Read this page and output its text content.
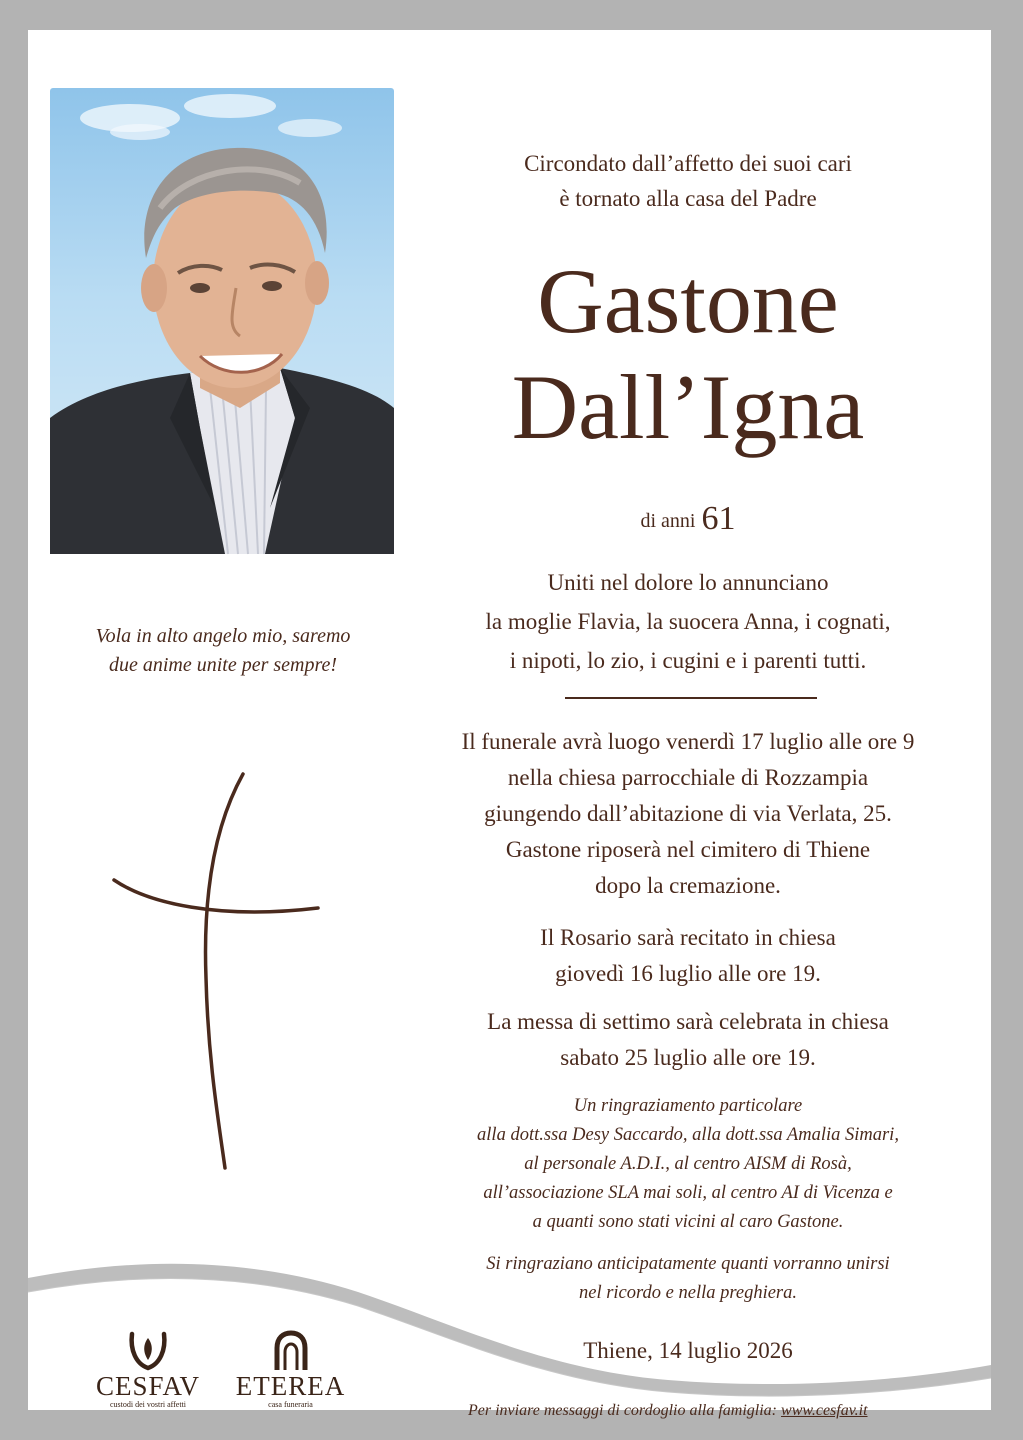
Vola in alto angelo mio, saremo
due anime unite per sempre!
Circondato dall’affetto dei suoi cari
è tornato alla casa del Padre
Gastone
Dall’Igna
di anni 61
Uniti nel dolore lo annunciano
la moglie Flavia, la suocera Anna, i cognati,
i nipoti, lo zio, i cugini e i parenti tutti.
Il funerale avrà luogo venerdì 17 luglio alle ore 9
nella chiesa parrocchiale di Rozzampia
giungendo dall’abitazione di via Verlata, 25.
Gastone riposerà nel cimitero di Thiene
dopo la cremazione.
Il Rosario sarà recitato in chiesa
giovedì 16 luglio alle ore 19.
La messa di settimo sarà celebrata in chiesa
sabato 25 luglio alle ore 19.
Un ringraziamento particolare
alla dott.ssa Desy Saccardo, alla dott.ssa Amalia Simari,
al personale A.D.I., al centro AISM di Rosà,
all’associazione SLA mai soli, al centro AI di Vicenza e
a quanti sono stati vicini al caro Gastone.
Si ringraziano anticipatamente quanti vorranno unirsi
nel ricordo e nella preghiera.
Thiene, 14 luglio 2026
CESFAV
custodi dei vostri affetti
ETEREA
casa funeraria	Per inviare messaggi di cordoglio alla famiglia: www.cesfav.it
